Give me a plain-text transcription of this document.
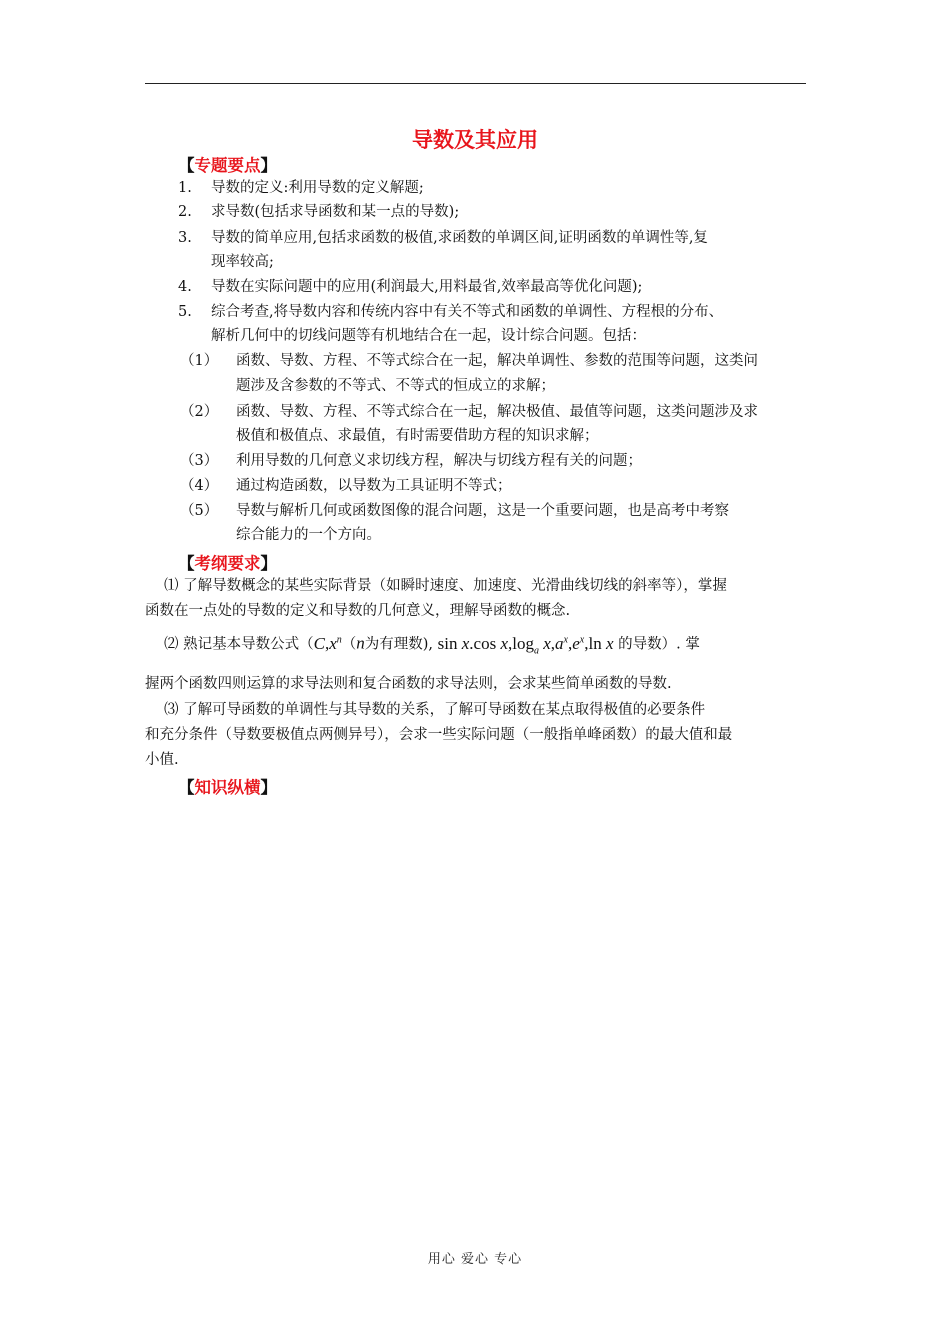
导数及其应用
【专题要点】
1. 导数的定义:利用导数的定义解题;
2. 求导数(包括求导函数和某一点的导数);
3. 导数的简单应用,包括求函数的极值,求函数的单调区间,证明函数的单调性等,复
现率较高;
4. 导数在实际问题中的应用(利润最大,用料最省,效率最高等优化问题);
5. 综合考查,将导数内容和传统内容中有关不等式和函数的单调性、方程根的分布、
解析几何中的切线问题等有机地结合在一起，设计综合问题。包括：
（1） 函数、导数、方程、不等式综合在一起，解决单调性、参数的范围等问题，这类问
题涉及含参数的不等式、不等式的恒成立的求解；
（2） 函数、导数、方程、不等式综合在一起，解决极值、最值等问题，这类问题涉及求
极值和极值点、求最值，有时需要借助方程的知识求解；
（3） 利用导数的几何意义求切线方程，解决与切线方程有关的问题；
（4） 通过构造函数，以导数为工具证明不等式；
（5） 导数与解析几何或函数图像的混合问题，这是一个重要问题，也是高考中考察
综合能力的一个方向。
【考纲要求】
⑴ 了解导数概念的某些实际背景（如瞬时速度、加速度、光滑曲线切线的斜率等），掌握
函数在一点处的导数的定义和导数的几何意义，理解导函数的概念.
⑵ 熟记基本导数公式（$C,x^n(n$为有理数), sin x.cos $x,\log_a$ $x,a^x,e^x,\ln$ x 的导数）. 掌
握两个函数四则运算的求导法则和复合函数的求导法则，会求某些简单函数的导数.
⑶ 了解可导函数的单调性与其导数的关系，了解可导函数在某点取得极值的必要条件
和充分条件（导数要极值点两侧异号），会求一些实际问题（一般指单峰函数）的最大值和最
小值.
【知识纵横】
用心 爱心 专心
